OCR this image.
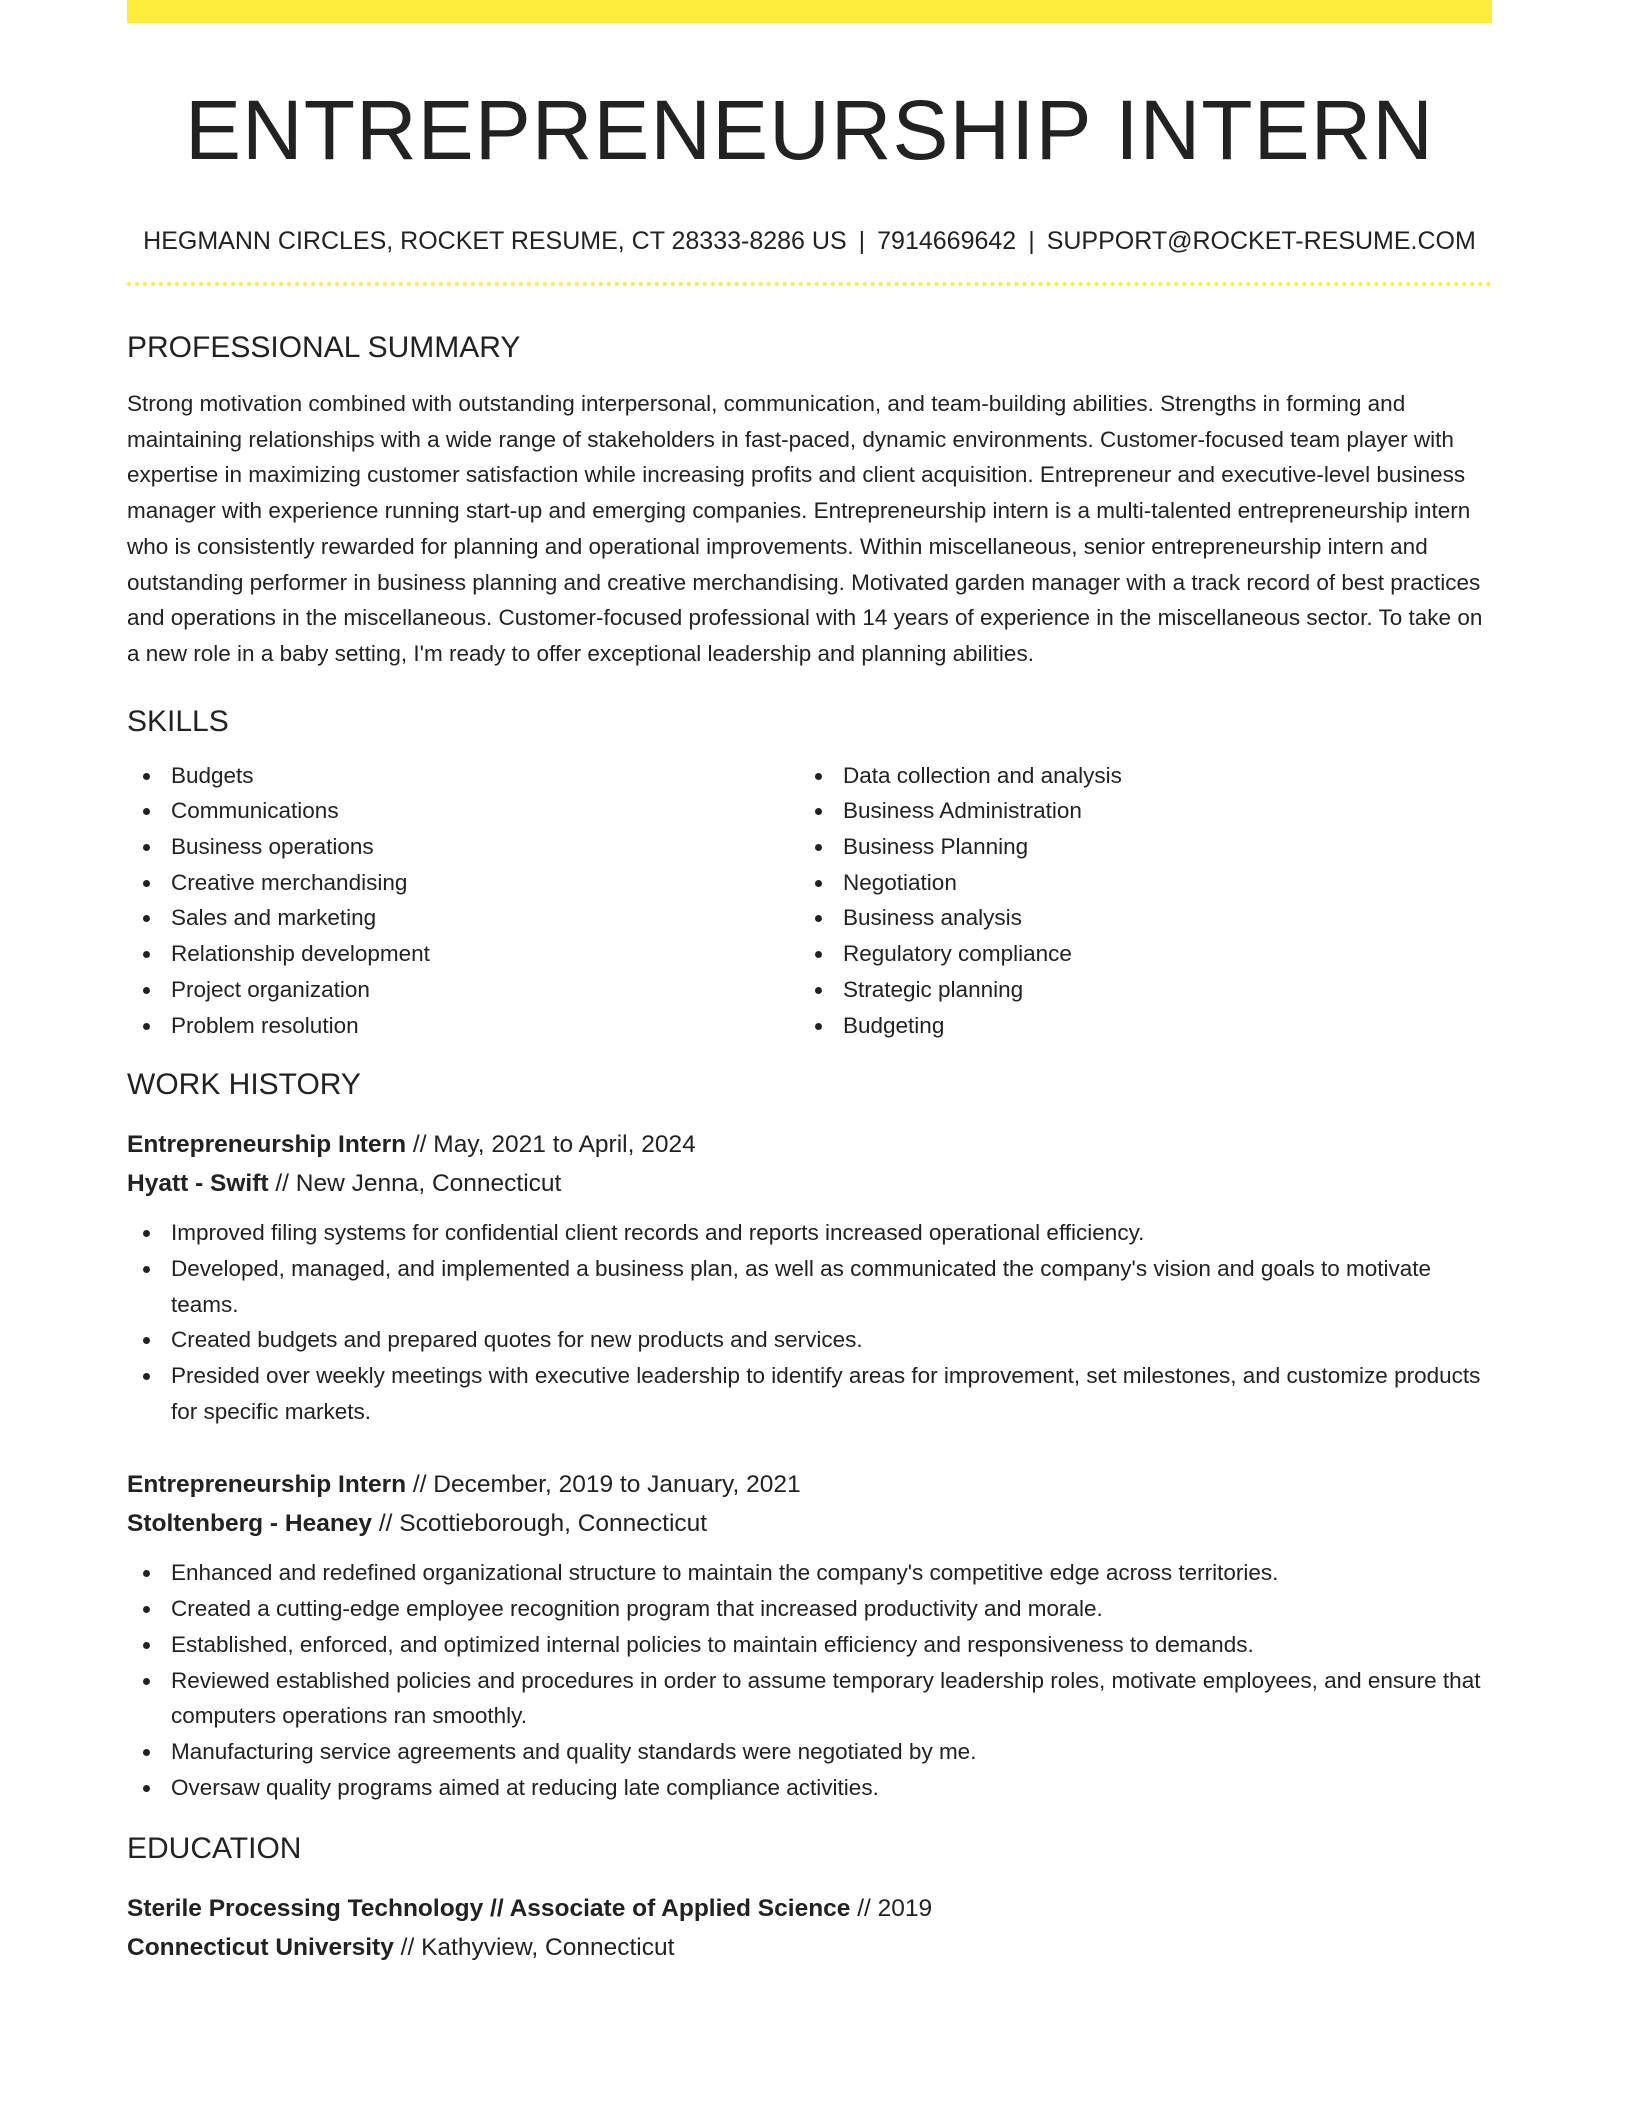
ENTREPRENEURSHIP INTERN
HEGMANN CIRCLES, ROCKET RESUME, CT 28333-8286 US | 7914669642 | SUPPORT@ROCKET-RESUME.COM
PROFESSIONAL SUMMARY
Strong motivation combined with outstanding interpersonal, communication, and team-building abilities. Strengths in forming and maintaining relationships with a wide range of stakeholders in fast-paced, dynamic environments. Customer-focused team player with expertise in maximizing customer satisfaction while increasing profits and client acquisition. Entrepreneur and executive-level business manager with experience running start-up and emerging companies. Entrepreneurship intern is a multi-talented entrepreneurship intern who is consistently rewarded for planning and operational improvements. Within miscellaneous, senior entrepreneurship intern and outstanding performer in business planning and creative merchandising. Motivated garden manager with a track record of best practices and operations in the miscellaneous. Customer-focused professional with 14 years of experience in the miscellaneous sector. To take on a new role in a baby setting, I'm ready to offer exceptional leadership and planning abilities.
SKILLS
Budgets
Communications
Business operations
Creative merchandising
Sales and marketing
Relationship development
Project organization
Problem resolution
Data collection and analysis
Business Administration
Business Planning
Negotiation
Business analysis
Regulatory compliance
Strategic planning
Budgeting
WORK HISTORY
Entrepreneurship Intern // May, 2021 to April, 2024
Hyatt - Swift // New Jenna, Connecticut
Improved filing systems for confidential client records and reports increased operational efficiency.
Developed, managed, and implemented a business plan, as well as communicated the company's vision and goals to motivate teams.
Created budgets and prepared quotes for new products and services.
Presided over weekly meetings with executive leadership to identify areas for improvement, set milestones, and customize products for specific markets.
Entrepreneurship Intern // December, 2019 to January, 2021
Stoltenberg - Heaney // Scottieborough, Connecticut
Enhanced and redefined organizational structure to maintain the company's competitive edge across territories.
Created a cutting-edge employee recognition program that increased productivity and morale.
Established, enforced, and optimized internal policies to maintain efficiency and responsiveness to demands.
Reviewed established policies and procedures in order to assume temporary leadership roles, motivate employees, and ensure that computers operations ran smoothly.
Manufacturing service agreements and quality standards were negotiated by me.
Oversaw quality programs aimed at reducing late compliance activities.
EDUCATION
Sterile Processing Technology // Associate of Applied Science // 2019
Connecticut University // Kathyview, Connecticut
